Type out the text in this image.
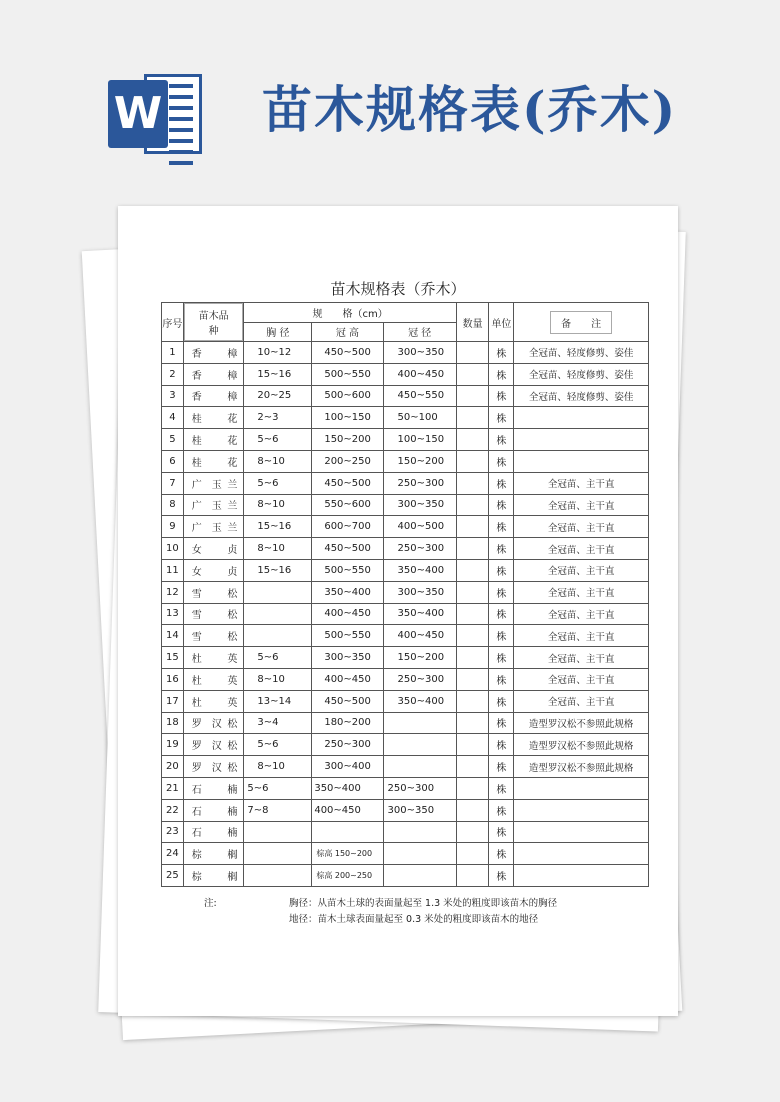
W 苗木规格表(乔木)
苗木规格表（乔木）
序号	苗木品种	规　　格（cm）			数量	单位	备　　注
		胸 径	冠 高	冠 径			
1	香 樟	10~12	450~500	300~350		株	全冠苗、轻度修剪、姿佳
2	香 樟	15~16	500~550	400~450		株	全冠苗、轻度修剪、姿佳
3	香 樟	20~25	500~600	450~550		株	全冠苗、轻度修剪、姿佳
4	桂 花	2~3	100~150	50~100		株	
5	桂 花	5~6	150~200	100~150		株	
6	桂 花	8~10	200~250	150~200		株	
7	广　玉 兰	5~6	450~500	250~300		株	全冠苗、主干直
8	广　玉 兰	8~10	550~600	300~350		株	全冠苗、主干直
9	广　玉 兰	15~16	600~700	400~500		株	全冠苗、主干直
10	女 贞	8~10	450~500	250~300		株	全冠苗、主干直
11	女 贞	15~16	500~550	350~400		株	全冠苗、主干直
12	雪 松		350~400	300~350		株	全冠苗、主干直
13	雪 松		400~450	350~400		株	全冠苗、主干直
14	雪 松		500~550	400~450		株	全冠苗、主干直
15	杜 英	5~6	300~350	150~200		株	全冠苗、主干直
16	杜 英	8~10	400~450	250~300		株	全冠苗、主干直
17	杜 英	13~14	450~500	350~400		株	全冠苗、主干直
18	罗　汉 松	3~4	180~200			株	造型罗汉松不参照此规格
19	罗　汉 松	5~6	250~300			株	造型罗汉松不参照此规格
20	罗　汉 松	8~10	300~400			株	造型罗汉松不参照此规格
21	石 楠	5~6	350~400	250~300		株	
22	石 楠	7~8	400~450	300~350		株	
23	石 楠					株	
24	棕 榈		棕高 150~200			株	
25	棕 榈		棕高 200~250			株	
注:	胸径：从苗木土球的表面量起至 1.3 米处的粗度即该苗木的胸径
地径：苗木土球表面量起至 0.3 米处的粗度即该苗木的地径
